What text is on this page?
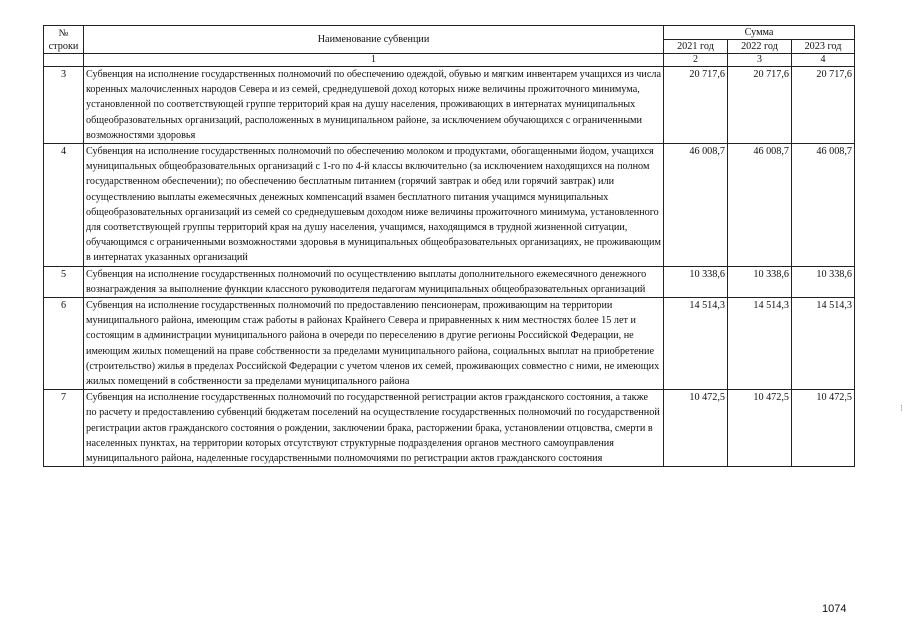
№
строки	Наименование субвенции	Сумма		
		2021 год	2022 год	2023 год
	1	2	3	4
3	Субвенция на исполнение государственных полномочий по обеспечению одеждой, обувью и мягким инвентарем учащихся из числа коренных малочисленных народов Севера и из семей, среднедушевой доход которых ниже величины прожиточного минимума, установленной по соответствующей группе территорий края на душу населения, проживающих в интернатах муниципальных общеобразовательных организаций, расположенных в муниципальном районе, за исключением обучающихся с ограниченными возможностями здоровья	20 717,6	20 717,6	20 717,6
4	Субвенция на исполнение государственных полномочий по обеспечению молоком и продуктами, обогащенными йодом, учащихся муниципальных общеобразовательных организаций с 1-го по 4-й классы включительно (за исключением находящихся на полном государственном обеспечении); по обеспечению бесплатным питанием (горячий завтрак и обед или горячий завтрак) или осуществлению выплаты ежемесячных денежных компенсаций взамен бесплатного питания учащимся муниципальных общеобразовательных организаций из семей со среднедушевым доходом ниже величины прожиточного минимума, установленного для соответствующей группы территорий края на душу населения, учащимся, находящимся в трудной жизненной ситуации, обучающимся с ограниченными возможностями здоровья в муниципальных общеобразовательных организациях, не проживающим в интернатах указанных организаций	46 008,7	46 008,7	46 008,7
5	Субвенция на исполнение государственных полномочий по осуществлению выплаты дополнительного ежемесячного денежного вознаграждения за выполнение функции классного руководителя педагогам муниципальных общеобразовательных организаций	10 338,6	10 338,6	10 338,6
6	Субвенция на исполнение государственных полномочий по предоставлению пенсионерам, проживающим на территории муниципального района, имеющим стаж работы в районах Крайнего Севера и приравненных к ним местностях более 15 лет и состоящим в администрации муниципального района в очереди по переселению в другие регионы Российской Федерации, не имеющим жилых помещений на праве собственности за пределами муниципального района, социальных выплат на приобретение (строительство) жилья в пределах Российской Федерации с учетом членов их семей, проживающих совместно с ними, не имеющих жилых помещений в собственности за пределами муниципального района	14 514,3	14 514,3	14 514,3
7	Субвенция на исполнение государственных полномочий по государственной регистрации актов гражданского состояния, а также по расчету и предоставлению субвенций бюджетам поселений на осуществление государственных полномочий по государственной регистрации актов гражданского состояния о рождении, заключении брака, расторжении брака, установлении отцовства, смерти в населенных пунктах, на территории которых отсутствуют структурные подразделения органов местного самоуправления муниципального района, наделенные государственными полномочиями по регистрации актов гражданского состояния	10 472,5	10 472,5	10 472,5
⁝
1074
